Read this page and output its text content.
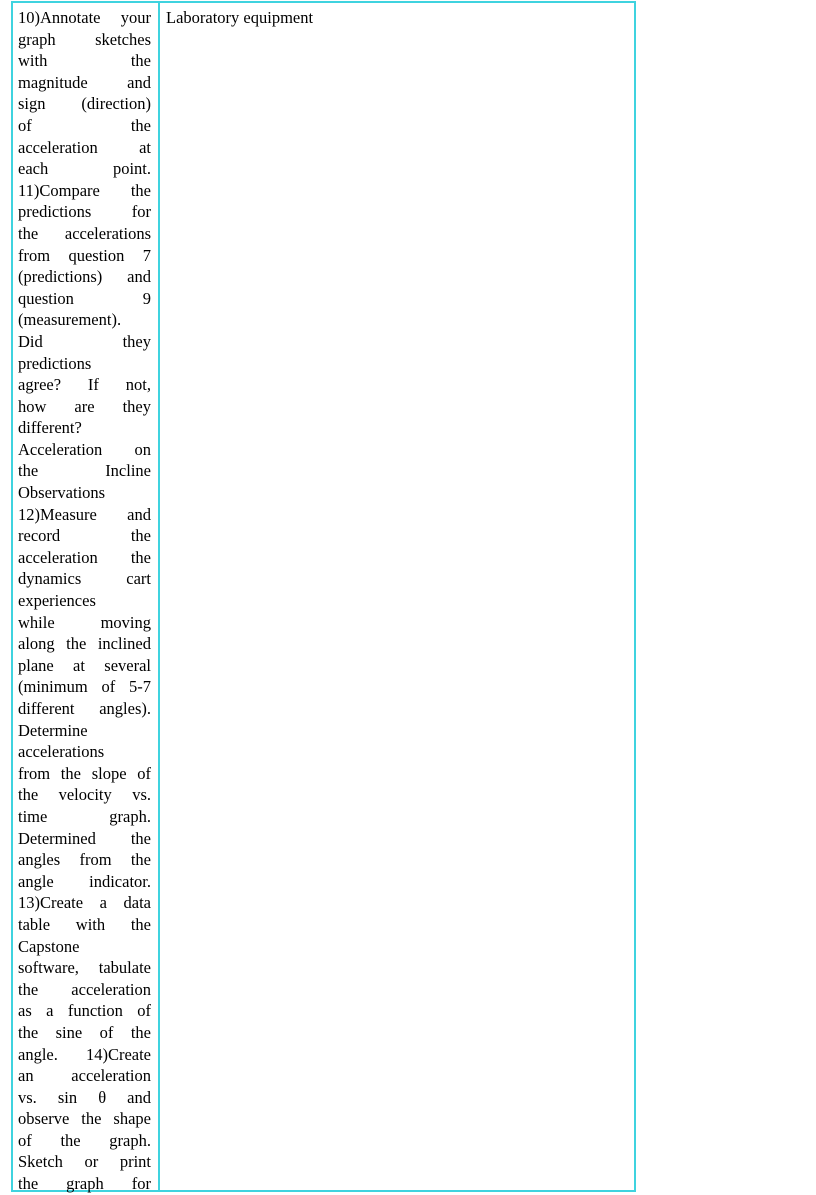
10)Annotate your
graph sketches
with the
magnitude and
sign (direction)
of the
acceleration at
each point.
11)Compare the
predictions for
the accelerations
from question 7
(predictions) and
question 9
(measurement).
Did they
predictions
agree? If not,
how are they
different?
Acceleration on
the Incline
Observations
12)Measure and
record the
acceleration the
dynamics cart
experiences
while moving
along the inclined
plane at several
(minimum of 5-7
different angles).
Determine
accelerations
from the slope of
the velocity vs.
time graph.
Determined the
angles from the
angle indicator.
13)Create a data
table with the
Capstone
software, tabulate
the acceleration
as a function of
the sine of the
angle. 14)Create
an acceleration
vs. sin θ and
observe the shape
of the graph.
Sketch or print
the graph for
Laboratory equipment
